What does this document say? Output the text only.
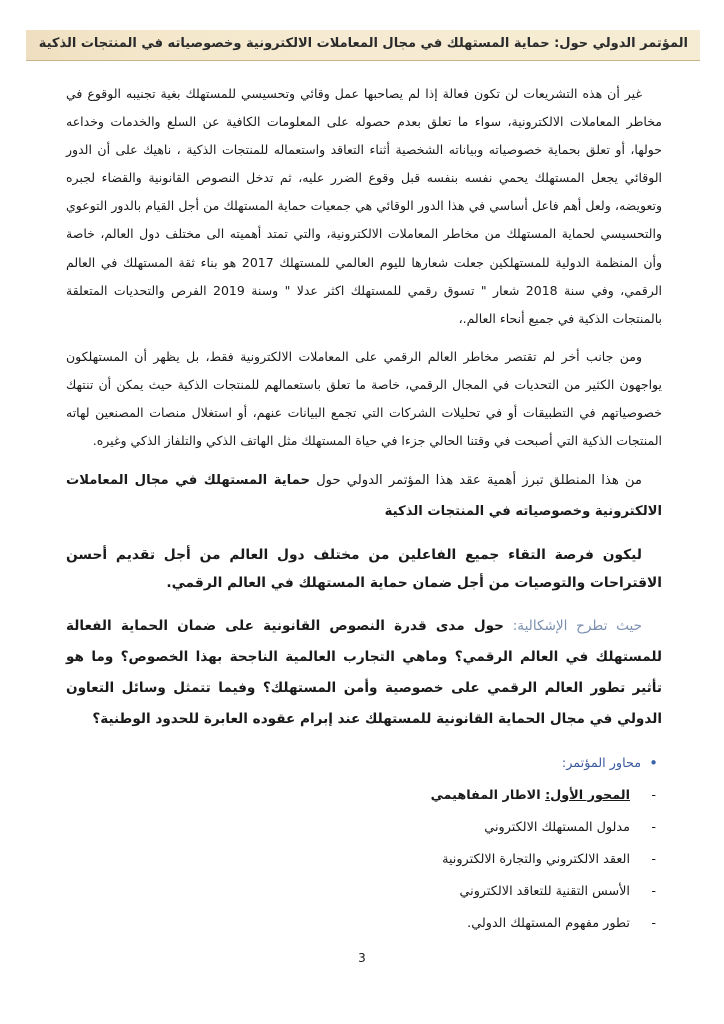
المؤتمر الدولي حول: حماية المستهلك في مجال المعاملات الالكترونية وخصوصياته في المنتجات الذكية

غير أن هذه التشريعات لن تكون فعالة إذا لم يصاحبها عمل وقائي وتحسيسي للمستهلك بغية تجنيبه الوقوع في مخاطر المعاملات الالكترونية، سواء ما تعلق بعدم حصوله على المعلومات الكافية عن السلع والخدمات وخداعه حولها، أو تعلق بحماية خصوصياته وبياناته الشخصية أثناء التعاقد واستعماله للمنتجات الذكية ، ناهيك على أن الدور الوقائي يجعل المستهلك يحمي نفسه بنفسه قبل وقوع الضرر عليه، ثم تدخل النصوص القانونية والقضاء لجبره وتعويضه، ولعل أهم فاعل أساسي في هذا الدور الوقائي هي جمعيات حماية المستهلك من أجل القيام بالدور التوعوي والتحسيسي لحماية المستهلك من مخاطر المعاملات الالكترونية، والتي تمتد أهميته الى مختلف دول العالم، خاصة وأن المنظمة الدولية للمستهلكين جعلت شعارها لليوم العالمي للمستهلك 2017 هو بناء ثقة المستهلك في العالم الرقمي، وفي سنة 2018 شعار " تسوق رقمي للمستهلك اكثر عدلا " وسنة 2019 الفرص والتحديات المتعلقة بالمنتجات الذكية في جميع أنحاء العالم.،

ومن جانب أخر لم تقتصر مخاطر العالم الرقمي على المعاملات الالكترونية فقط، بل يظهر أن المستهلكون يواجهون الكثير من التحديات في المجال الرقمي، خاصة ما تعلق باستعمالهم للمنتجات الذكية حيث يمكن أن تنتهك خصوصياتهم في التطبيقات أو في تحليلات الشركات التي تجمع البيانات عنهم، أو استغلال منصات المصنعين لهاته المنتجات الذكية التي أصبحت في وقتنا الحالي جزءا في حياة المستهلك مثل الهاتف الذكي والتلفاز الذكي وغيره.

من هذا المنطلق تبرز أهمية عقد هذا المؤتمر الدولي حول حماية المستهلك في مجال المعاملات الالكترونية وخصوصياته في المنتجات الذكية

ليكون فرصة التقاء جميع الفاعلين من مختلف دول العالم من أجل تقديم أحسن الاقتراحات والتوصيات من أجل ضمان حماية المستهلك في العالم الرقمي.

حيث تطرح الإشكالية: حول مدى قدرة النصوص القانونية على ضمان الحماية الفعالة للمستهلك في العالم الرقمي؟ وماهي التجارب العالمية الناجحة بهذا الخصوص؟ وما هو تأثير تطور العالم الرقمي على خصوصية وأمن المستهلك؟ وفيما تتمثل وسائل التعاون الدولي في مجال الحماية القانونية للمستهلك عند إبرام عقوده العابرة للحدود الوطنية؟

•
محاور المؤتمر:
-
المحور الأول: الاطار المفاهيمي
-
مدلول المستهلك الالكتروني
-
العقد الالكتروني والتجارة الالكترونية
-
الأسس التقنية للتعاقد الالكتروني
-
تطور مفهوم المستهلك الدولي.
3
